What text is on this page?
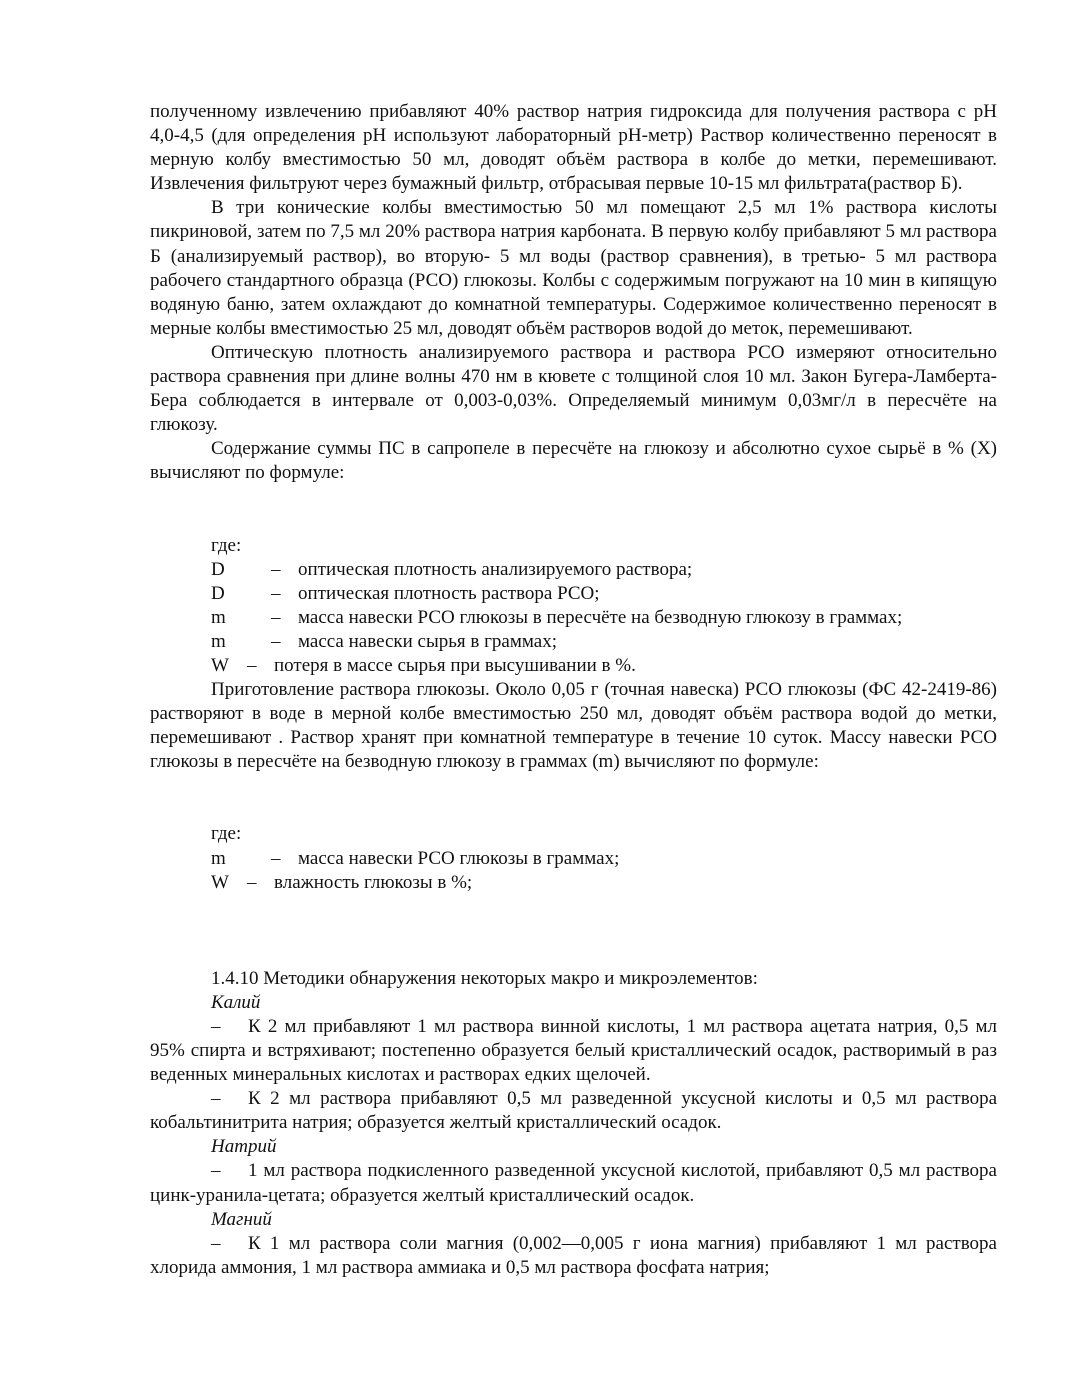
полученному извлечению прибавляют 40% раствор натрия гидроксида для получения раствора с pH 4,0-4,5 (для определения pH используют лабораторный pH-метр) Раствор количественно переносят в мерную колбу вместимостью 50 мл, доводят объём раствора в колбе до метки, перемешивают. Извлечения фильтруют через бумажный фильтр, отбрасывая первые 10-15 мл фильтрата(раствор Б).

В три конические колбы вместимостью 50 мл помещают 2,5 мл 1% раствора кислоты пикриновой, затем по 7,5 мл 20% раствора натрия карбоната. В первую колбу прибавляют 5 мл раствора Б (анализируемый раствор), во вторую- 5 мл воды (раствор сравнения), в третью- 5 мл раствора рабочего стандартного образца (РСО) глюкозы. Колбы с содержимым погружают на 10 мин в кипящую водяную баню, затем охлаждают до комнатной температуры. Содержимое количественно переносят в мерные колбы вместимостью 25 мл, доводят объём растворов водой до меток, перемешивают.

Оптическую плотность анализируемого раствора и раствора РСО измеряют относительно раствора сравнения при длине волны 470 нм в кювете с толщиной слоя 10 мл. Закон Бугера-Ламберта-Бера соблюдается в интервале от 0,003-0,03%. Определяемый минимум 0,03мг/л в пересчёте на глюкозу.

Содержание суммы ПС в сапропеле в пересчёте на глюкозу и абсолютно сухое сырьё в % (X) вычисляют по формуле:

где:
D	– оптическая плотность анализируемого раствора;
D	– оптическая плотность раствора РСО;
m	– масса навески РСО глюкозы в пересчёте на безводную глюкозу в граммах;
m	– масса навески сырья в граммах;
W – потеря в массе сырья при высушивании в %.

Приготовление раствора глюкозы. Около 0,05 г (точная навеска) РСО глюкозы (ФС 42-2419-86) растворяют в воде в мерной колбе вместимостью 250 мл, доводят объём раствора водой до метки, перемешивают . Раствор хранят при комнатной температуре в течение 10 суток. Массу навески РСО глюкозы в пересчёте на безводную глюкозу в граммах (m) вычисляют по формуле:

где:
m	– масса навески РСО глюкозы в граммах;
W – влажность глюкозы в %;
1.4.10 Методики обнаружения некоторых макро и микроэлементов:
Калий

– К 2 мл прибавляют 1 мл раствора винной кислоты, 1 мл раствора ацетата натрия, 0,5 мл 95% спирта и встряхивают; постепенно образуется белый кристаллический осадок, растворимый в раз веденных минеральных кислотах и растворах едких щелочей.

– К 2 мл раствора прибавляют 0,5 мл разведенной уксусной кислоты и 0,5 мл раствора кобальтинитрита натрия; образуется желтый кристаллический осадок.

Натрий

– 1 мл раствора подкисленного разведенной уксусной кислотой, прибавляют 0,5 мл раствора цинк-уранила-цетата; образуется желтый кристаллический осадок.

Магний

– К 1 мл раствора соли магния (0,002—0,005 г иона магния) прибавляют 1 мл раствора хлорида аммония, 1 мл раствора аммиака и 0,5 мл раствора фосфата натрия;
